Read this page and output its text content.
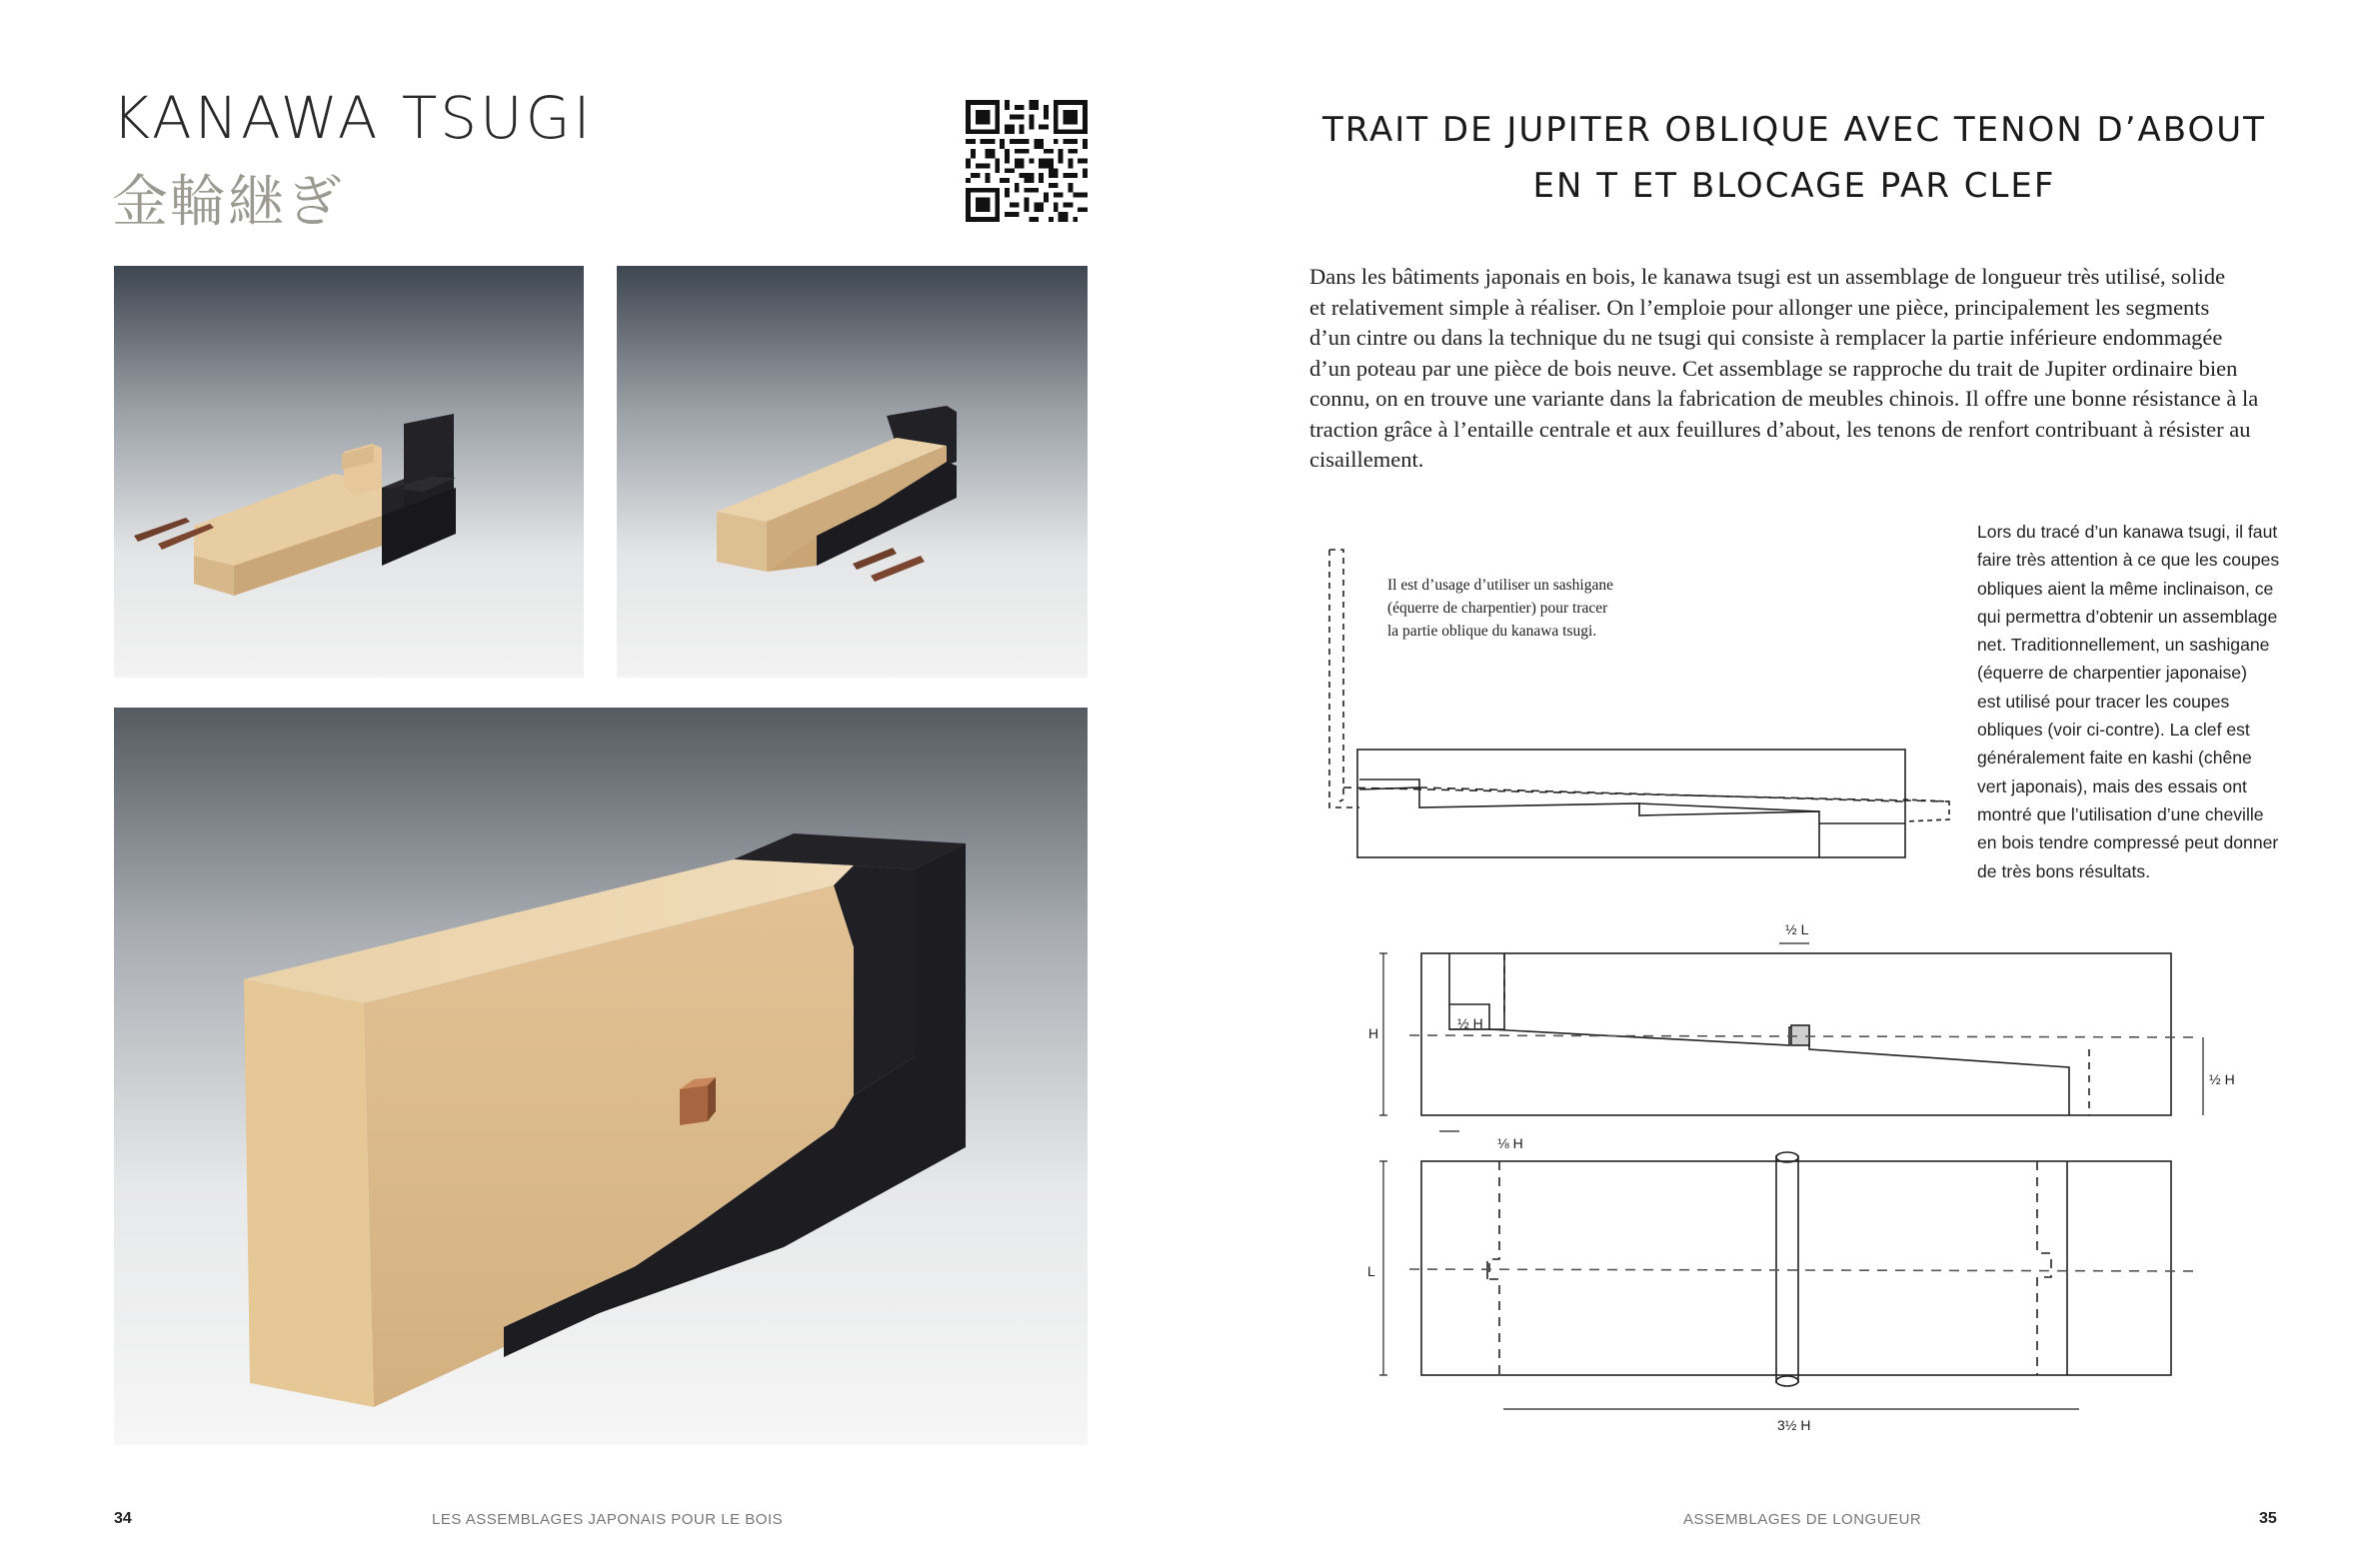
KANAWA TSUGI
金輪継ぎ
TRAIT DE JUPITER OBLIQUE AVEC TENON D’ABOUT
EN T ET BLOCAGE PAR CLEF
Dans les bâtiments japonais en bois, le kanawa tsugi est un assemblage de longueur très utilisé, solide
et relativement simple à réaliser. On l’emploie pour allonger une pièce, principalement les segments
d’un cintre ou dans la technique du ne tsugi qui consiste à remplacer la partie inférieure endommagée
d’un poteau par une pièce de bois neuve. Cet assemblage se rapproche du trait de Jupiter ordinaire bien
connu, on en trouve une variante dans la fabrication de meubles chinois. Il offre une bonne résistance à la
traction grâce à l’entaille centrale et aux feuillures d’about, les tenons de renfort contribuant à résister au
cisaillement.
Lors du tracé d’un kanawa tsugi, il faut
faire très attention à ce que les coupes
obliques aient la même inclinaison, ce
qui permettra d’obtenir un assemblage
net. Traditionnellement, un sashigane
(équerre de charpentier japonaise)
est utilisé pour tracer les coupes
obliques (voir ci-contre). La clef est
généralement faite en kashi (chêne
vert japonais), mais des essais ont
montré que l’utilisation d’une cheville
en bois tendre compressé peut donner
de très bons résultats.
Il est d’usage d’utiliser un sashigane
(équerre de charpentier) pour tracer
la partie oblique du kanawa tsugi.
½ L
H
½ H
½ H
⅛ H
L
3½ H
34	LES ASSEMBLAGES JAPONAIS POUR LE BOIS	ASSEMBLAGES DE LONGUEUR	35
